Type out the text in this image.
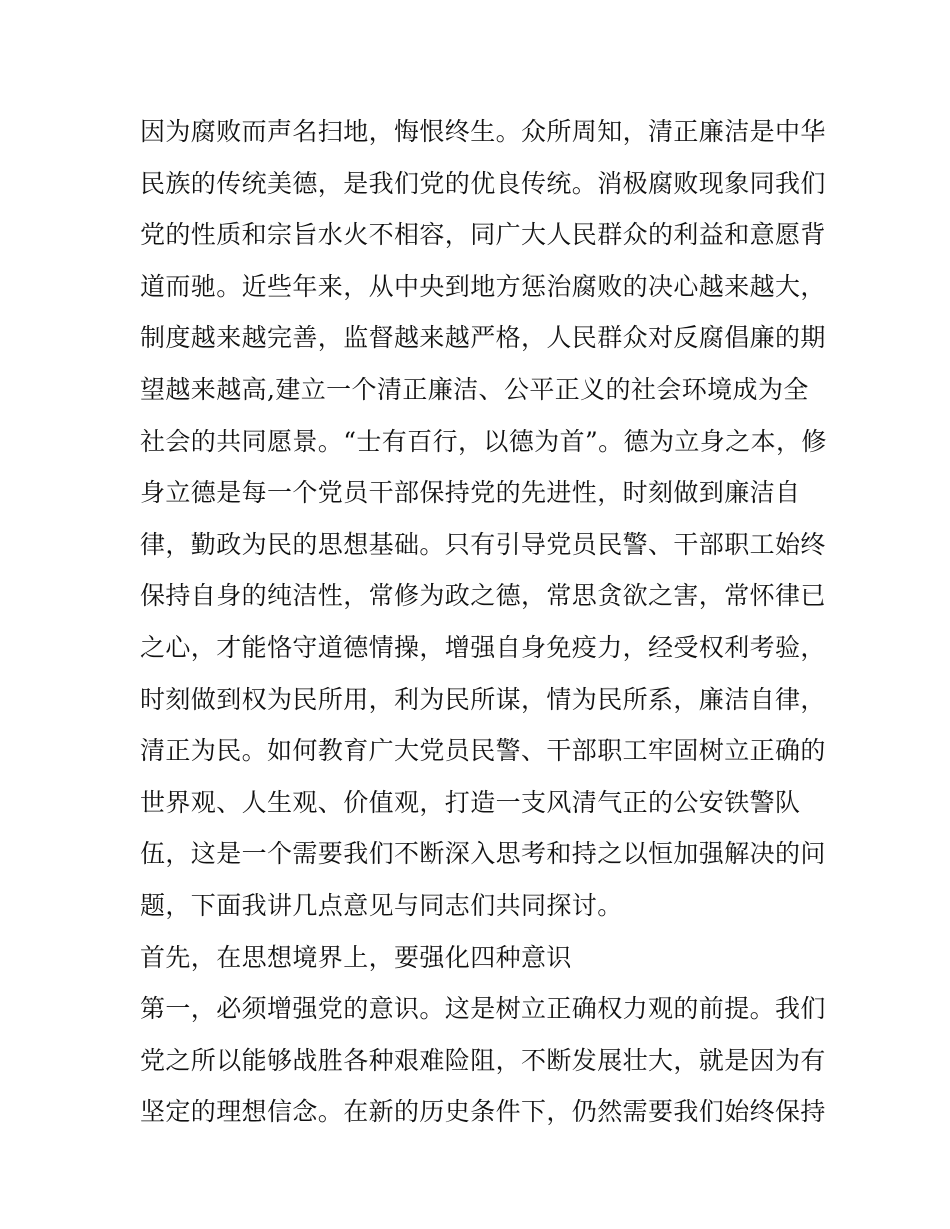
因为腐败而声名扫地，悔恨终生。众所周知，清正廉洁是中华
民族的传统美德，是我们党的优良传统。消极腐败现象同我们
党的性质和宗旨水火不相容，同广大人民群众的利益和意愿背
道而驰。近些年来，从中央到地方惩治腐败的决心越来越大，
制度越来越完善，监督越来越严格，人民群众对反腐倡廉的期
望越来越高,建立一个清正廉洁、公平正义的社会环境成为全
社会的共同愿景。“士有百行，以德为首”。德为立身之本，修
身立德是每一个党员干部保持党的先进性，时刻做到廉洁自
律，勤政为民的思想基础。只有引导党员民警、干部职工始终
保持自身的纯洁性，常修为政之德，常思贪欲之害，常怀律已
之心，才能恪守道德情操，增强自身免疫力，经受权利考验，
时刻做到权为民所用，利为民所谋，情为民所系，廉洁自律，
清正为民。如何教育广大党员民警、干部职工牢固树立正确的
世界观、人生观、价值观，打造一支风清气正的公安铁警队
伍，这是一个需要我们不断深入思考和持之以恒加强解决的问
题，下面我讲几点意见与同志们共同探讨。
首先，在思想境界上，要强化四种意识
第一，必须增强党的意识。这是树立正确权力观的前提。我们
党之所以能够战胜各种艰难险阻，不断发展壮大，就是因为有
坚定的理想信念。在新的历史条件下，仍然需要我们始终保持
